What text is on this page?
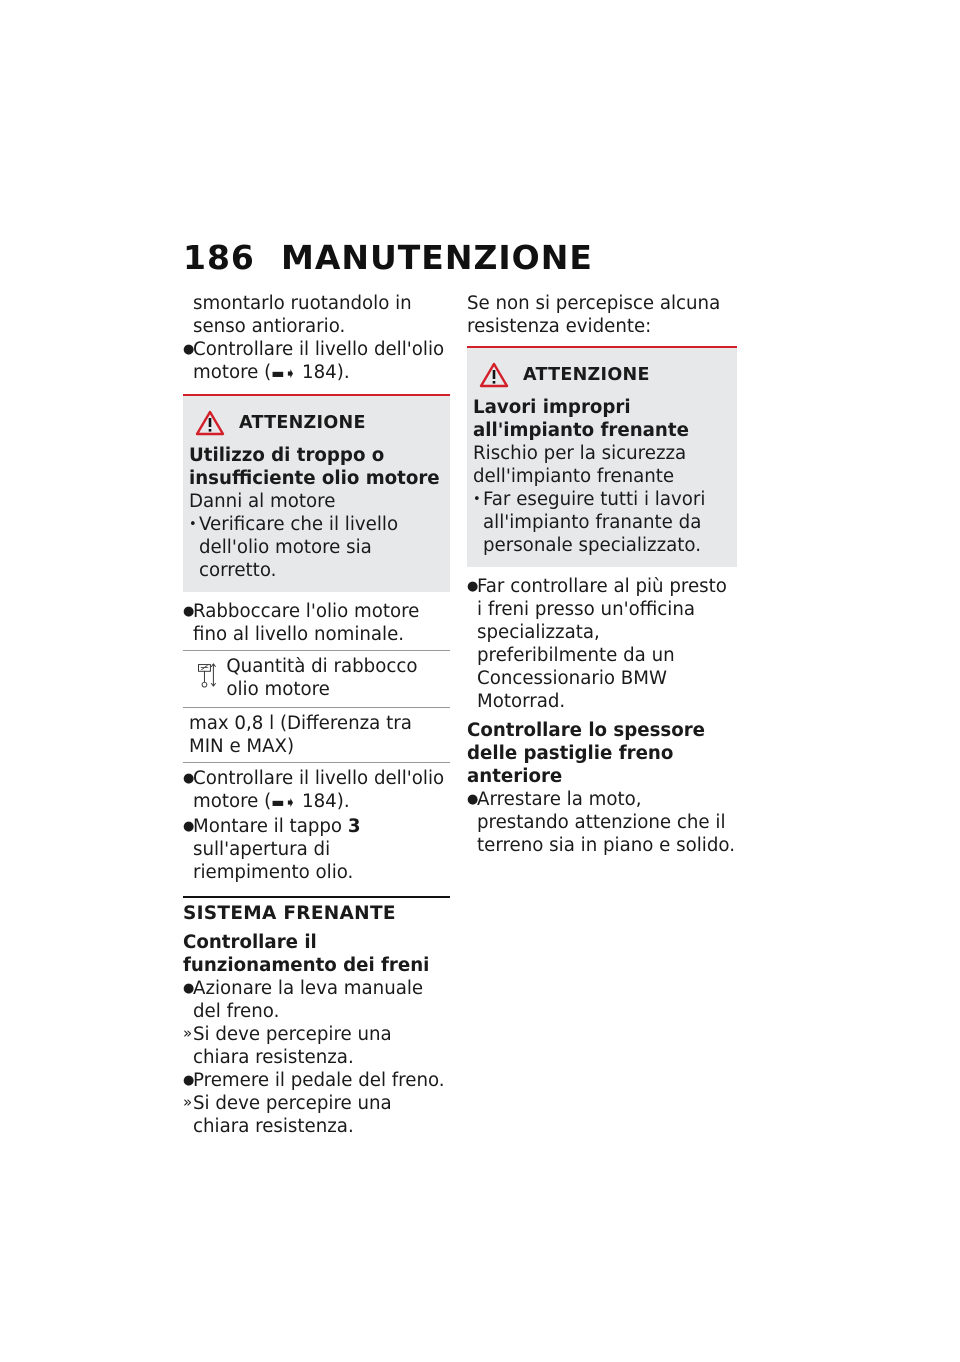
186 MANUTENZIONE
smontarlo ruotandolo in senso antiorario.
●
Controllare il livello dell'olio motore (▬➧ 184).
ATTENZIONE
Utilizzo di troppo o insufficiente olio motore
Danni al motore
• Verificare che il livello dell'olio motore sia corretto.
●
Rabboccare l'olio motore fino al livello nominale.
Quantità di rabbocco olio motore
max 0,8 l (Differenza tra MIN e MAX)
●
Controllare il livello dell'olio motore (▬➧ 184).
●
Montare il tappo 3 sull'apertura di riempimento olio.
SISTEMA FRENANTE
Controllare il funzionamento dei freni
●
Azionare la leva manuale del freno.
» Si deve percepire una chiara resistenza.
●
Premere il pedale del freno.
» Si deve percepire una chiara resistenza.
Se non si percepisce alcuna resistenza evidente:
ATTENZIONE
Lavori impropri all'impianto frenante
Rischio per la sicurezza dell'impianto frenante
• Far eseguire tutti i lavori all'impianto franante da personale specializzato.
●
Far controllare al più presto i freni presso un'officina specializzata, preferibilmente da un Concessionario BMW Motorrad.
Controllare lo spessore delle pastiglie freno anteriore
●
Arrestare la moto, prestando attenzione che il terreno sia in piano e solido.
